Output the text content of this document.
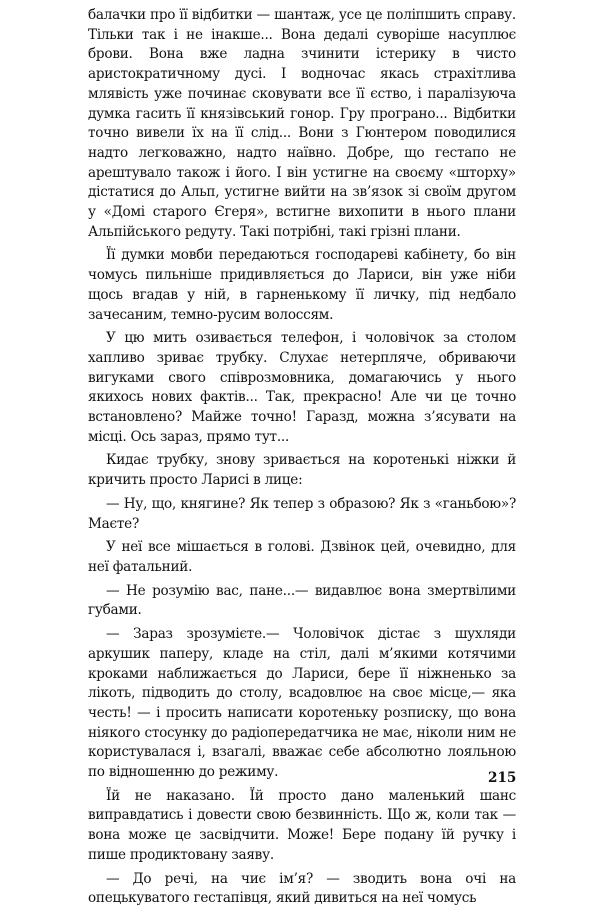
балачки про її відбитки — шантаж, усе це поліпшить справу. Тільки так і не інакше... Вона дедалі суворіше насуплює брови. Вона вже ладна зчинити істерику в чисто аристократичному дусі. І водночас якась страхітлива млявість уже починає сковувати все її єство, і паралізуюча думка гасить її князівський гонор. Гру програно... Відбитки точно вивели їх на її слід... Вони з Гюнтером поводилися надто легковажно, надто наївно. Добре, що гестапо не арештувало також і його. І він устигне на своєму «шторху» дістатися до Альп, устигне вийти на зв’язок зі своїм другом у «Домі старого Єгеря», встигне вихопити в нього плани Альпійського редуту. Такі потрібні, такі грізні плани.

Її думки мовби передаються господареві кабінету, бо він чомусь пильніше придивляється до Лариси, він уже ніби щось вгадав у ній, в гарненькому її личку, під недбало зачесаним, темно-русим волоссям.

У цю мить озивається телефон, і чоловічок за столом хапливо зриває трубку. Слухає нетерпляче, обриваючи вигуками свого співрозмовника, домагаючись у нього якихось нових фактів... Так, прекрасно! Але чи це точно встановлено? Майже точно! Гаразд, можна з’ясувати на місці. Ось зараз, прямо тут...

Кидає трубку, знову зривається на коротенькі ніжки й кричить просто Ларисі в лице:

— Ну, що, княгине? Як тепер з образою? Як з «ганьбою»? Маєте?

У неї все мішається в голові. Дзвінок цей, очевидно, для неї фатальний.

— Не розумію вас, пане...— видавлює вона змертвілими губами.

— Зараз зрозумієте.— Чоловічок дістає з шухляди аркушик паперу, кладе на стіл, далі м’якими котячими кроками наближається до Лариси, бере її ніжненько за лікоть, підводить до столу, всадовлює на своє місце,— яка честь! — і просить написати коротеньку розписку, що вона ніякого стосунку до радіопередатчика не має, ніколи ним не користувалася і, взагалі, вважає себе абсолютно лояльною по відношенню до режиму.

Їй не наказано. Їй просто дано маленький шанс виправдатись і довести свою безвинність. Що ж, коли так — вона може це засвідчити. Може! Бере подану їй ручку і пише продиктовану заяву.

— До речі, на чиє ім’я? — зводить вона очі на опецькуватого гестапівця, який дивиться на неї чомусь

215
